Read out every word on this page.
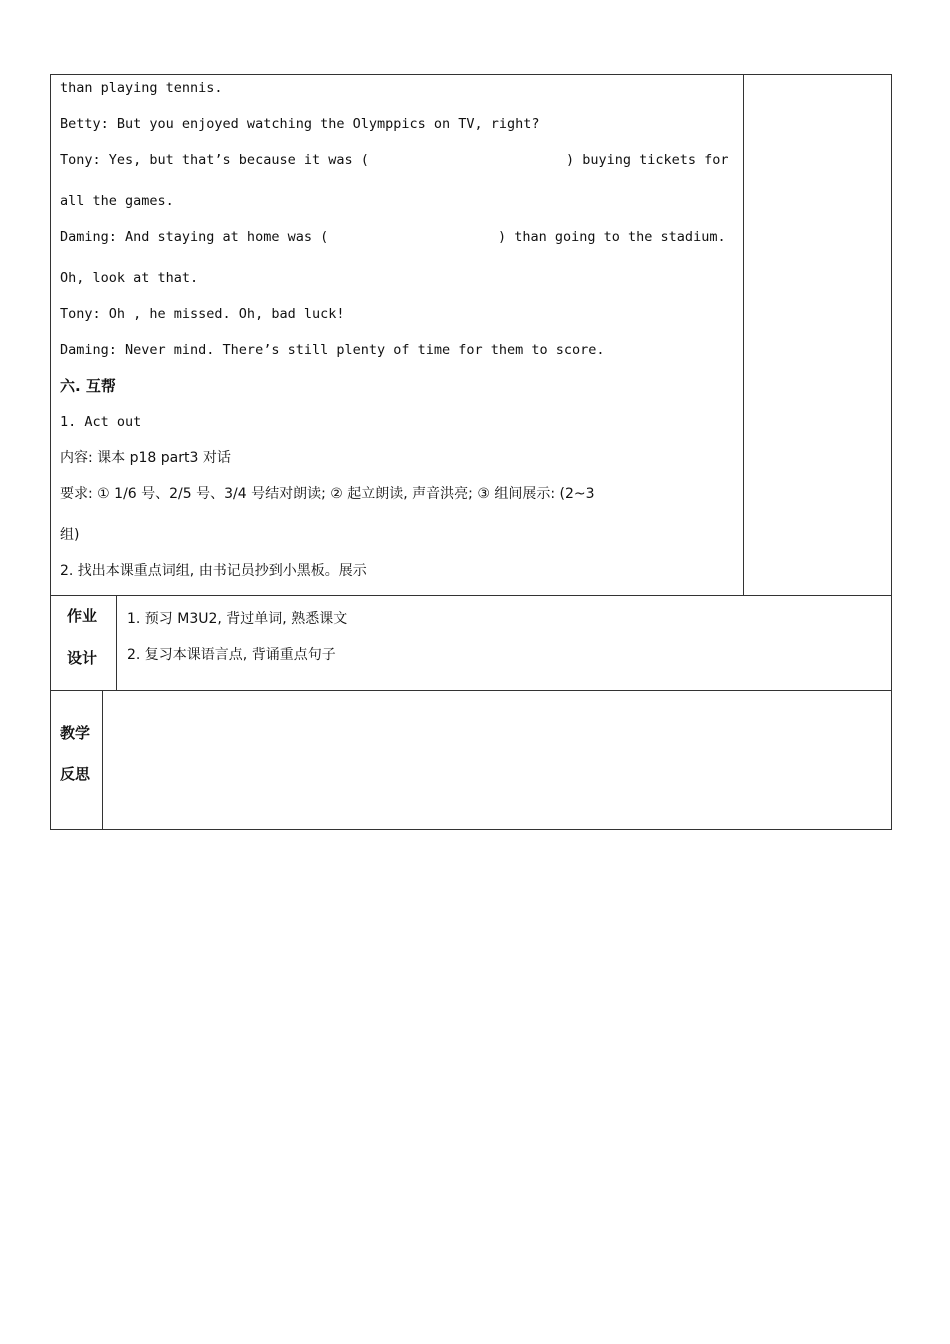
than playing tennis.
Betty: But you enjoyed watching the Olymppics on TV, right?
Tony: Yes, but that’s because it was (	) buying tickets for
all the games.
Daming: And staying at home was (	) than going to the stadium.
Oh, look at that.
Tony: Oh , he missed. Oh, bad luck!
Daming: Never mind. There’s still plenty of time for them to score.
六. 互帮
1. Act out
内容: 课本 p18 part3 对话
要求: ① 1/6 号、2/5 号、3/4 号结对朗读; ② 起立朗读, 声音洪亮; ③ 组间展示: (2~3
组)
2. 找出本课重点词组, 由书记员抄到小黑板。展示
作业
设计
1. 预习 M3U2, 背过单词, 熟悉课文
2. 复习本课语言点, 背诵重点句子
教学
反思
